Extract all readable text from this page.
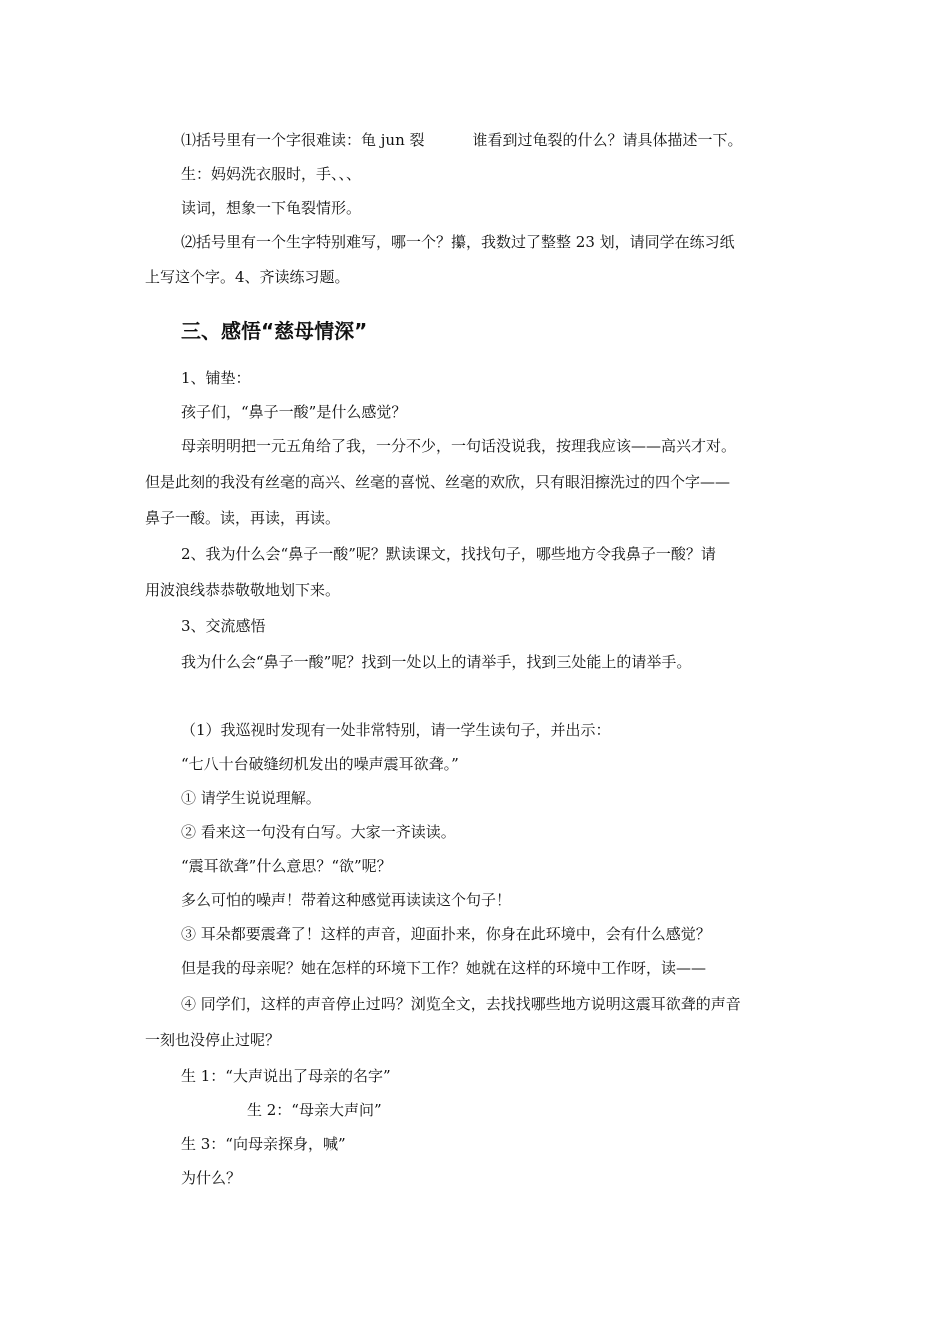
⑴括号里有一个字很难读：龟 jun 裂	谁看到过龟裂的什么？请具体描述一下。
生：妈妈洗衣服时，手、、、
读词，想象一下龟裂情形。
⑵括号里有一个生字特别难写，哪一个？攥，我数过了整整 23 划，请同学在练习纸
上写这个字。4、齐读练习题。
三、感悟“慈母情深”
1、铺垫：
孩子们，“鼻子一酸”是什么感觉？
母亲明明把一元五角给了我，一分不少，一句话没说我，按理我应该——高兴才对。
但是此刻的我没有丝毫的高兴、丝毫的喜悦、丝毫的欢欣，只有眼泪擦洗过的四个字——
鼻子一酸。读，再读，再读。
2、我为什么会“鼻子一酸”呢？默读课文，找找句子，哪些地方令我鼻子一酸？请
用波浪线恭恭敬敬地划下来。
3、交流感悟
我为什么会“鼻子一酸”呢？找到一处以上的请举手，找到三处能上的请举手。
（1）我巡视时发现有一处非常特别，请一学生读句子，并出示：
“七八十台破缝纫机发出的噪声震耳欲聋。”
① 请学生说说理解。
② 看来这一句没有白写。大家一齐读读。
“震耳欲聋”什么意思？“欲”呢？
多么可怕的噪声！带着这种感觉再读读这个句子！
③ 耳朵都要震聋了！这样的声音，迎面扑来，你身在此环境中，会有什么感觉？
但是我的母亲呢？她在怎样的环境下工作？她就在这样的环境中工作呀，读——
④ 同学们，这样的声音停止过吗？浏览全文，去找找哪些地方说明这震耳欲聋的声音
一刻也没停止过呢？
生 1：“大声说出了母亲的名字”
生 2：“母亲大声问”
生 3：“向母亲探身，喊”
为什么？
